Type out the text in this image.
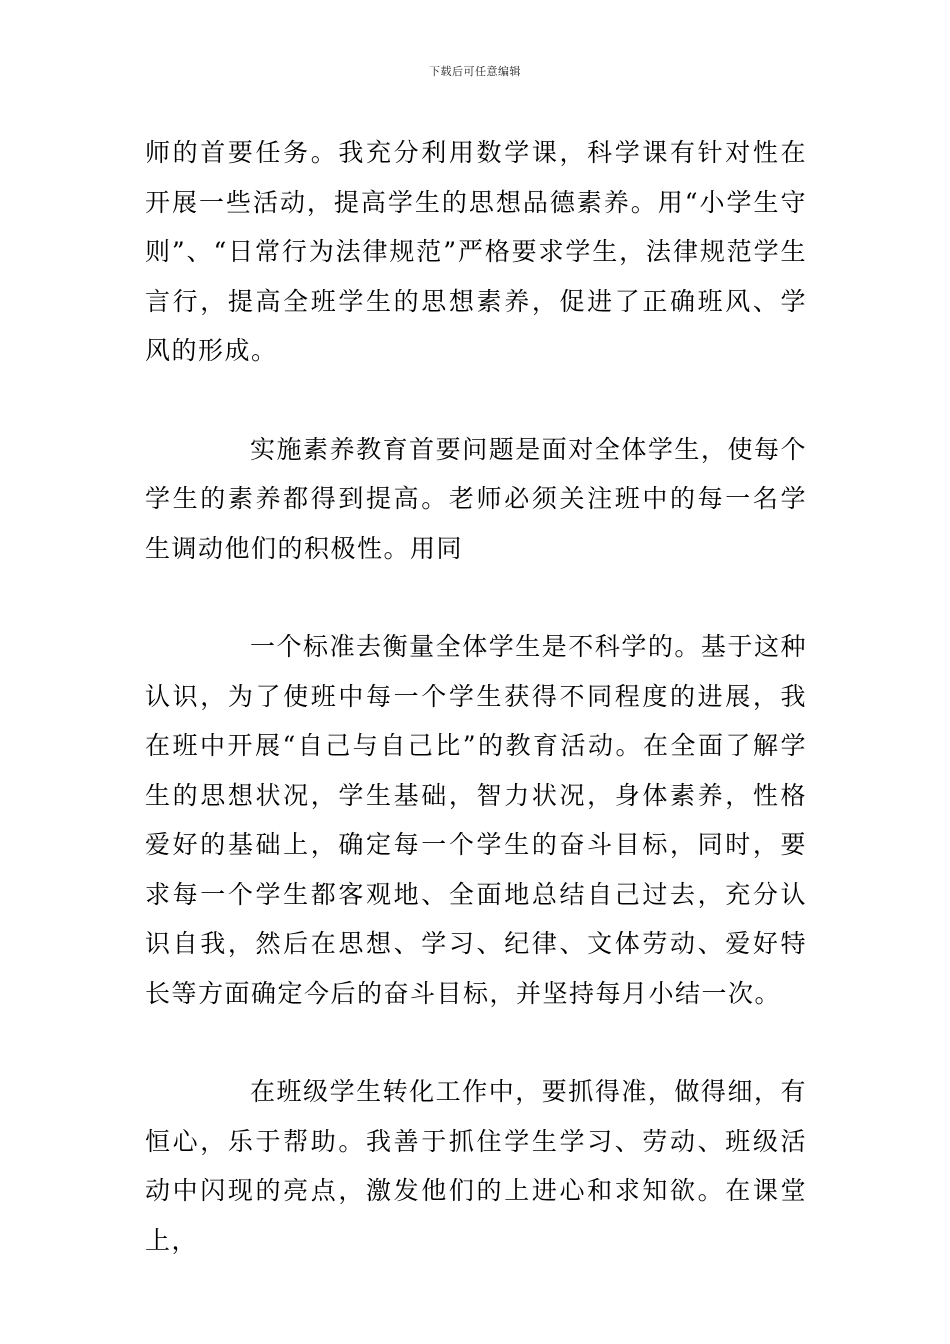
下载后可任意编辑

师的首要任务。我充分利用数学课，科学课有针对性在开展一些活动，提高学生的思想品德素养。用“小学生守则”、“日常行为法律规范”严格要求学生，法律规范学生言行，提高全班学生的思想素养，促进了正确班风、学风的形成。

实施素养教育首要问题是面对全体学生，使每个学生的素养都得到提高。老师必须关注班中的每一名学生调动他们的积极性。用同

一个标准去衡量全体学生是不科学的。基于这种认识，为了使班中每一个学生获得不同程度的进展，我在班中开展“自己与自己比”的教育活动。在全面了解学生的思想状况，学生基础，智力状况，身体素养，性格爱好的基础上，确定每一个学生的奋斗目标，同时，要求每一个学生都客观地、全面地总结自己过去，充分认识自我，然后在思想、学习、纪律、文体劳动、爱好特长等方面确定今后的奋斗目标，并坚持每月小结一次。

在班级学生转化工作中，要抓得准，做得细，有恒心，乐于帮助。我善于抓住学生学习、劳动、班级活动中闪现的亮点，激发他们的上进心和求知欲。在课堂上，
